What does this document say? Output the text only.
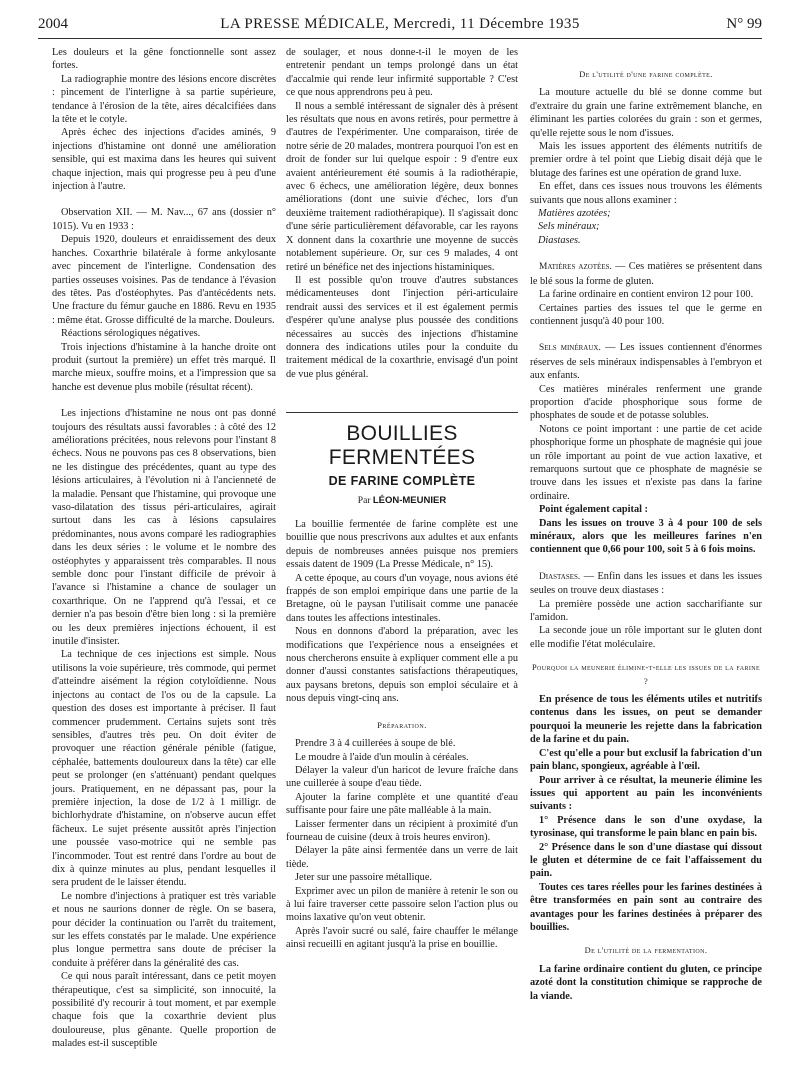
2004	LA PRESSE MÉDICALE, Mercredi, 11 Décembre 1935	N° 99

Les douleurs et la gêne fonctionnelle sont assez fortes.

La radiographie montre des lésions encore discrètes : pincement de l'interligne à sa partie supérieure, tendance à l'érosion de la tête, aires décalcifiées dans la tête et le cotyle.

Après échec des injections d'acides aminés, 9 injections d'histamine ont donné une amélioration sensible, qui est maxima dans les heures qui suivent chaque injection, mais qui progresse peu à peu d'une injection à l'autre.

Observation XII. — M. Nav..., 67 ans (dossier n° 1015). Vu en 1933 :

Depuis 1920, douleurs et enraidissement des deux hanches. Coxarthrie bilatérale à forme ankylosante avec pincement de l'interligne. Condensation des parties osseuses voisines. Pas de tendance à l'évasion des têtes. Pas d'ostéophytes. Pas d'antécédents nets. Une fracture du fémur gauche en 1886. Revu en 1935 : même état. Grosse difficulté de la marche. Douleurs.

Réactions sérologiques négatives.

Trois injections d'histamine à la hanche droite ont produit (surtout la première) un effet très marqué. Il marche mieux, souffre moins, et a l'impression que sa hanche est devenue plus mobile (résultat récent).

Les injections d'histamine ne nous ont pas donné toujours des résultats aussi favorables : à côté des 12 améliorations précitées, nous relevons pour l'instant 8 échecs. Nous ne pouvons pas ces 8 observations, bien ne les distingue des précédentes, quant au type des lésions articulaires, à l'évolution ni à l'ancienneté de la maladie. Pensant que l'histamine, qui provoque une vaso-dilatation des tissus péri-articulaires, agirait surtout dans les cas à lésions capsulaires prédominantes, nous avons comparé les radiographies dans les deux séries : le volume et le nombre des ostéophytes y apparaissent très comparables. Il nous semble donc pour l'instant difficile de prévoir à l'avance si l'histamine a chance de soulager un coxarthrique. On ne l'apprend qu'à l'essai, et ce dernier n'a pas besoin d'être bien long : si la première ou les deux premières injections échouent, il est inutile d'insister.

La technique de ces injections est simple. Nous utilisons la voie supérieure, très commode, qui permet d'atteindre aisément la région cotyloïdienne. Nous injectons au contact de l'os ou de la capsule. La question des doses est importante à préciser. Il faut commencer prudemment. Certains sujets sont très sensibles, d'autres très peu. On doit éviter de provoquer une réaction générale pénible (fatigue, céphalée, battements douloureux dans la tête) car elle peut se prolonger (en s'atténuant) pendant quelques jours. Pratiquement, en ne dépassant pas, pour la première injection, la dose de 1/2 à 1 milligr. de bichlorhydrate d'histamine, on n'observe aucun effet fâcheux. Le sujet présente aussitôt après l'injection une poussée vaso-motrice qui ne semble pas l'incommoder. Tout est rentré dans l'ordre au bout de dix à quinze minutes au plus, pendant lesquelles il sera prudent de le laisser étendu.

Le nombre d'injections à pratiquer est très variable et nous ne saurions donner de règle. On se basera, pour décider la continuation ou l'arrêt du traitement, sur les effets constatés par le malade. Une expérience plus longue permettra sans doute de préciser la conduite à préférer dans la généralité des cas.

Ce qui nous paraît intéressant, dans ce petit moyen thérapeutique, c'est sa simplicité, son innocuité, la possibilité d'y recourir à tout moment, et par exemple chaque fois que la coxarthrie devient plus douloureuse, plus gênante. Quelle proportion de malades est-il susceptible

de soulager, et nous donne-t-il le moyen de les entretenir pendant un temps prolongé dans un état d'accalmie qui rende leur infirmité supportable ? C'est ce que nous apprendrons peu à peu.

Il nous a semblé intéressant de signaler dès à présent les résultats que nous en avons retirés, pour permettre à d'autres de l'expérimenter. Une comparaison, tirée de notre série de 20 malades, montrera pourquoi l'on est en droit de fonder sur lui quelque espoir : 9 d'entre eux avaient antérieurement été soumis à la radiothérapie, avec 6 échecs, une amélioration légère, deux bonnes améliorations (dont une suivie d'échec, lors d'un deuxième traitement radiothérapique). Il s'agissait donc d'une série particulièrement défavorable, car les rayons X donnent dans la coxarthrie une moyenne de succès notablement supérieure. Or, sur ces 9 malades, 4 ont retiré un bénéfice net des injections histaminiques.

Il est possible qu'on trouve d'autres substances médicamenteuses dont l'injection péri-articulaire rendrait aussi des services et il est également permis d'espérer qu'une analyse plus poussée des conditions nécessaires au succès des injections d'histamine donnera des indications utiles pour la conduite du traitement médical de la coxarthrie, envisagé d'un point de vue plus général.

BOUILLIES FERMENTÉES
DE FARINE COMPLÈTE
Par LÉON-MEUNIER

La bouillie fermentée de farine complète est une bouillie que nous prescrivons aux adultes et aux enfants depuis de nombreuses années puisque nos premiers essais datent de 1909 (La Presse Médicale, n° 15).

A cette époque, au cours d'un voyage, nous avions été frappés de son emploi empirique dans une partie de la Bretagne, où le paysan l'utilisait comme une panacée dans toutes les affections intestinales.

Nous en donnons d'abord la préparation, avec les modifications que l'expérience nous a enseignées et nous chercherons ensuite à expliquer comment elle a pu donner d'aussi constantes satisfactions thérapeutiques, aux paysans bretons, depuis son emploi séculaire et à nous depuis vingt-cinq ans.

Préparation.

Prendre 3 à 4 cuillerées à soupe de blé.

Le moudre à l'aide d'un moulin à céréales.

Délayer la valeur d'un haricot de levure fraîche dans une cuillerée à soupe d'eau tiède.

Ajouter la farine complète et une quantité d'eau suffisante pour faire une pâte malléable à la main.

Laisser fermenter dans un récipient à proximité d'un fourneau de cuisine (deux à trois heures environ).

Délayer la pâte ainsi fermentée dans un verre de lait tiède.

Jeter sur une passoire métallique.

Exprimer avec un pilon de manière à retenir le son ou à lui faire traverser cette passoire selon l'action plus ou moins laxative qu'on veut obtenir.

Après l'avoir sucré ou salé, faire chauffer le mélange ainsi recueilli en agitant jusqu'à la prise en bouillie.

De l'utilité d'une farine complète.

La mouture actuelle du blé se donne comme but d'extraire du grain une farine extrêmement blanche, en éliminant les parties colorées du grain : son et germes, qu'elle rejette sous le nom d'issues.

Mais les issues apportent des éléments nutritifs de premier ordre à tel point que Liebig disait déjà que le blutage des farines est une opération de grand luxe.

En effet, dans ces issues nous trouvons les éléments suivants que nous allons examiner :

Matières azotées;

Sels minéraux;

Diastases.

Matières azotées. — Ces matières se présentent dans le blé sous la forme de gluten.

La farine ordinaire en contient environ 12 pour 100.

Certaines parties des issues tel que le germe en contiennent jusqu'à 40 pour 100.

Sels minéraux. — Les issues contiennent d'énormes réserves de sels minéraux indispensables à l'embryon et aux enfants.

Ces matières minérales renferment une grande proportion d'acide phosphorique sous forme de phosphates de soude et de potasse solubles.

Notons ce point important : une partie de cet acide phosphorique forme un phosphate de magnésie qui joue un rôle important au point de vue action laxative, et remarquons surtout que ce phosphate de magnésie se trouve dans les issues et n'existe pas dans la farine ordinaire.

Point également capital :

Dans les issues on trouve 3 à 4 pour 100 de sels minéraux, alors que les meilleures farines n'en contiennent que 0,66 pour 100, soit 5 à 6 fois moins.

Diastases. — Enfin dans les issues et dans les issues seules on trouve deux diastases :

La première possède une action saccharifiante sur l'amidon.

La seconde joue un rôle important sur le gluten dont elle modifie l'état moléculaire.

Pourquoi la meunerie élimine-t-elle les issues de la farine ?

En présence de tous les éléments utiles et nutritifs contenus dans les issues, on peut se demander pourquoi la meunerie les rejette dans la fabrication de la farine et du pain.

C'est qu'elle a pour but exclusif la fabrication d'un pain blanc, spongieux, agréable à l'œil.

Pour arriver à ce résultat, la meunerie élimine les issues qui apportent au pain les inconvénients suivants :

1° Présence dans le son d'une oxydase, la tyrosinase, qui transforme le pain blanc en pain bis.

2° Présence dans le son d'une diastase qui dissout le gluten et détermine de ce fait l'affaissement du pain.

Toutes ces tares réelles pour les farines destinées à être transformées en pain sont au contraire des avantages pour les farines destinées à préparer des bouillies.

De l'utilité de la fermentation.

La farine ordinaire contient du gluten, ce principe azoté dont la constitution chimique se rapproche de la viande.
